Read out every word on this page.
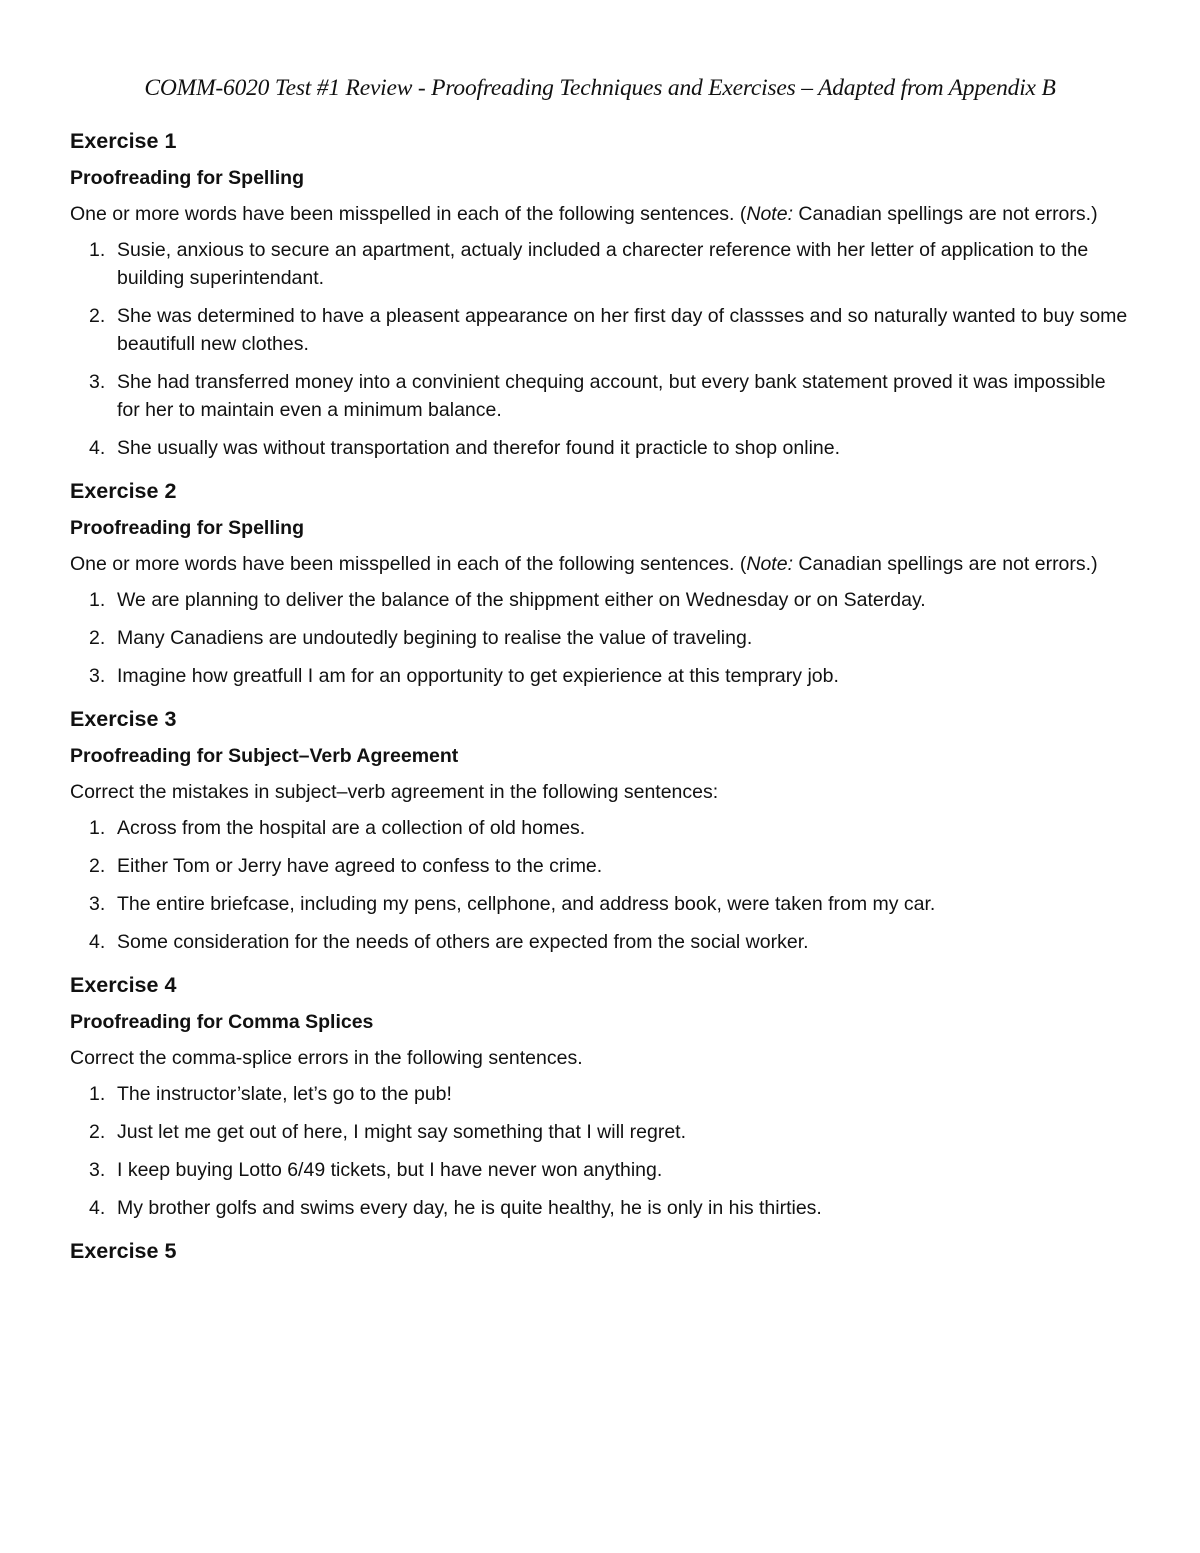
COMM-6020 Test #1 Review - Proofreading Techniques and Exercises – Adapted from Appendix B
Exercise 1
Proofreading for Spelling

One or more words have been misspelled in each of the following sentences. (Note: Canadian spellings are not errors.)

Susie, anxious to secure an apartment, actualy included a charecter reference with her letter of application to the building superintendant.
She was determined to have a pleasent appearance on her first day of classses and so naturally wanted to buy some beautifull new clothes.
She had transferred money into a convinient chequing account, but every bank statement proved it was impossible for her to maintain even a minimum balance.
She usually was without transportation and therefor found it practicle to shop online.
Exercise 2
Proofreading for Spelling

One or more words have been misspelled in each of the following sentences. (Note: Canadian spellings are not errors.)

We are planning to deliver the balance of the shippment either on Wednesday or on Saterday.
Many Canadiens are undoutedly begining to realise the value of traveling.
Imagine how greatfull I am for an opportunity to get expierience at this temprary job.
Exercise 3
Proofreading for Subject–Verb Agreement

Correct the mistakes in subject–verb agreement in the following sentences:

Across from the hospital are a collection of old homes.
Either Tom or Jerry have agreed to confess to the crime.
The entire briefcase, including my pens, cellphone, and address book, were taken from my car.
Some consideration for the needs of others are expected from the social worker.
Exercise 4
Proofreading for Comma Splices

Correct the comma-splice errors in the following sentences.

The instructor’slate, let’s go to the pub!
Just let me get out of here, I might say something that I will regret.
I keep buying Lotto 6/49 tickets, but I have never won anything.
My brother golfs and swims every day, he is quite healthy, he is only in his thirties.
Exercise 5
